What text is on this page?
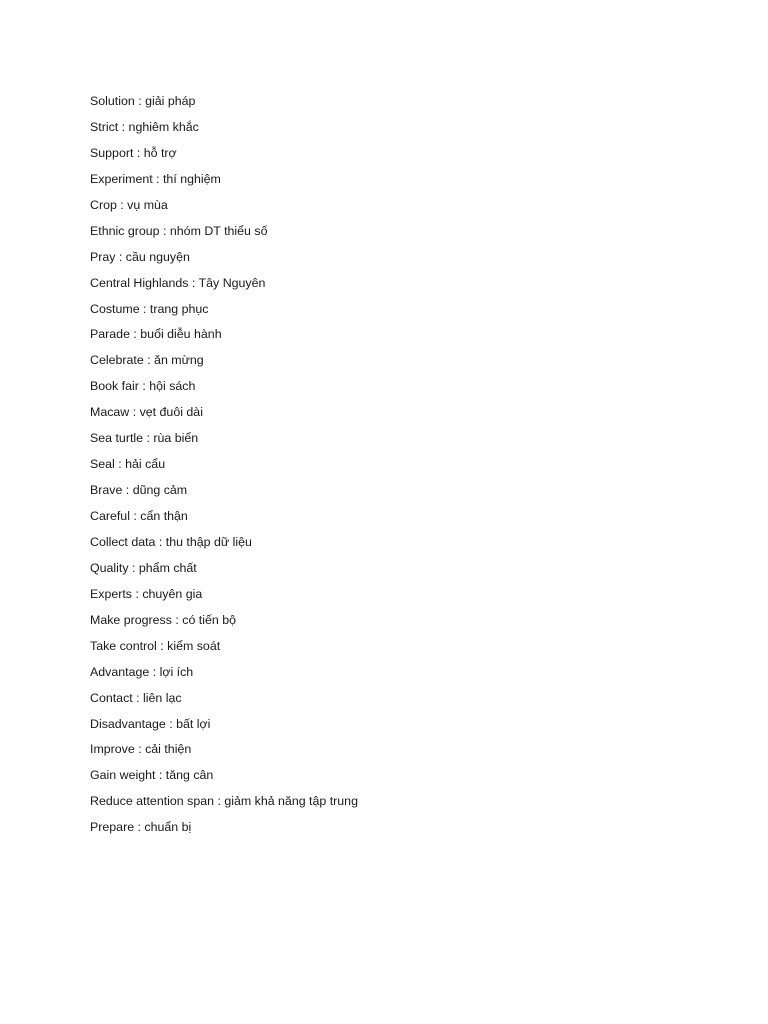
Solution : giải pháp
Strict : nghiêm khắc
Support : hỗ trợ
Experiment : thí nghiệm
Crop : vụ mùa
Ethnic group : nhóm DT thiểu số
Pray : cầu nguyện
Central Highlands : Tây Nguyên
Costume : trang phục
Parade : buổi diễu hành
Celebrate : ăn mừng
Book fair : hội sách
Macaw : vẹt đuôi dài
Sea turtle : rùa biển
Seal : hải cẩu
Brave : dũng cảm
Careful : cẩn thận
Collect data : thu thập dữ liệu
Quality : phẩm chất
Experts : chuyên gia
Make progress : có tiến bộ
Take control : kiểm soát
Advantage : lợi ích
Contact : liên lạc
Disadvantage : bất lợi
Improve : cải thiện
Gain weight : tăng cân
Reduce attention span : giảm khả năng tập trung
Prepare : chuẩn bị
